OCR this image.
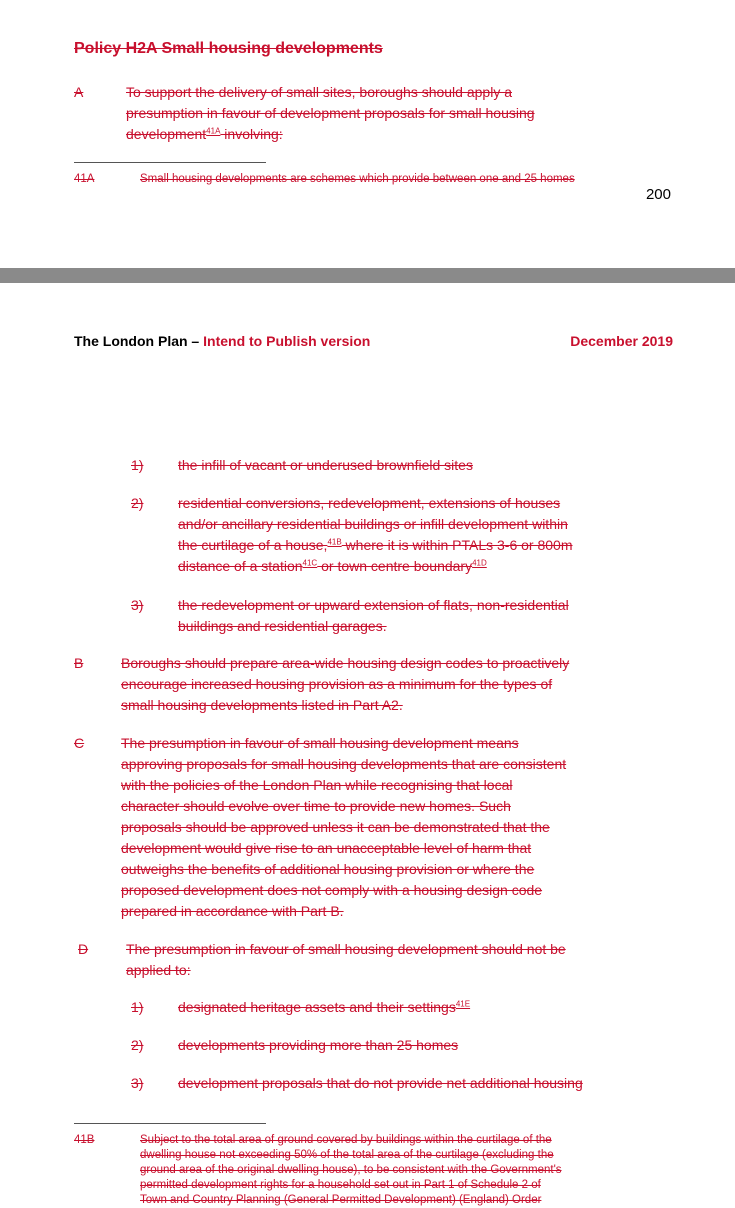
Policy H2A Small housing developments
A	To support the delivery of small sites, boroughs should apply a
presumption in favour of development proposals for small housing
development$^{41A}$ involving:
41A	Small housing developments are schemes which provide between one and 25 homes
200
The London Plan – Intend to Publish version	December 2019
1) the infill of vacant or underused brownfield sites
2) residential conversions, redevelopment, extensions of houses
and/or ancillary residential buildings or infill development within
the curtilage of a house,$^{41B}$ where it is within PTALs 3-6 or 800m
distance of a station$^{41C}$ or town centre boundary$^{41D}$
3) the redevelopment or upward extension of flats, non-residential
buildings and residential garages.
B	Boroughs should prepare area-wide housing design codes to proactively
encourage increased housing provision as a minimum for the types of
small housing developments listed in Part A2.
C	The presumption in favour of small housing development means
approving proposals for small housing developments that are consistent
with the policies of the London Plan while recognising that local
character should evolve over time to provide new homes. Such
proposals should be approved unless it can be demonstrated that the
development would give rise to an unacceptable level of harm that
outweighs the benefits of additional housing provision or where the
proposed development does not comply with a housing design code
prepared in accordance with Part B.
D	The presumption in favour of small housing development should not be
applied to:
1) designated heritage assets and their settings$^{41E}$
2) developments providing more than 25 homes
3) development proposals that do not provide net additional housing
41B	Subject to the total area of ground covered by buildings within the curtilage of the
dwelling house not exceeding 50% of the total area of the curtilage (excluding the
ground area of the original dwelling house), to be consistent with the Government's
permitted development rights for a household set out in Part 1 of Schedule 2 of
Town and Country Planning (General Permitted Development) (England) Order
